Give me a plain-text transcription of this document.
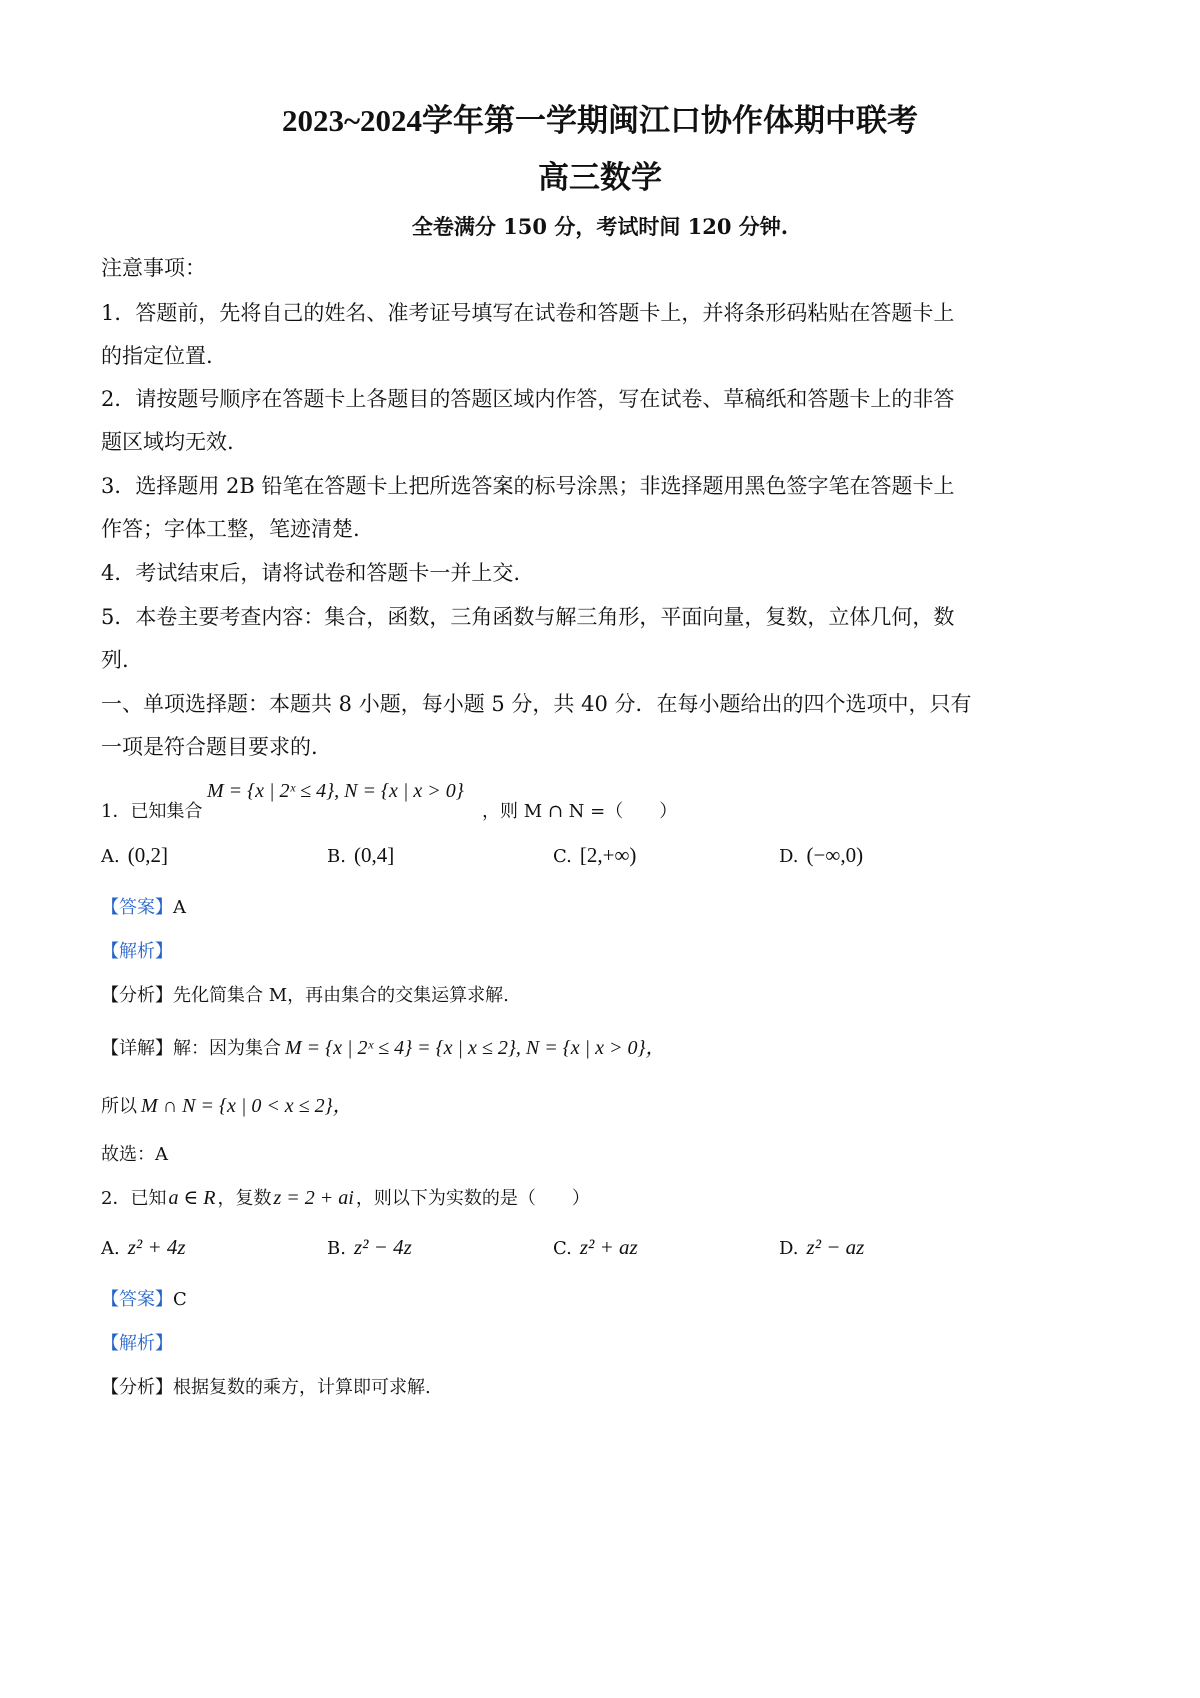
2023~2024学年第一学期闽江口协作体期中联考
高三数学
全卷满分 150 分，考试时间 120 分钟.
注意事项：
1．答题前，先将自己的姓名、准考证号填写在试卷和答题卡上，并将条形码粘贴在答题卡上
的指定位置.
2．请按题号顺序在答题卡上各题目的答题区域内作答，写在试卷、草稿纸和答题卡上的非答
题区域均无效.
3．选择题用 2B 铅笔在答题卡上把所选答案的标号涂黑；非选择题用黑色签字笔在答题卡上
作答；字体工整，笔迹清楚.
4．考试结束后，请将试卷和答题卡一并上交.
5．本卷主要考查内容：集合，函数，三角函数与解三角形，平面向量，复数，立体几何，数
列.
一、单项选择题：本题共 8 小题，每小题 5 分，共 40 分．在每小题给出的四个选项中，只有
一项是符合题目要求的.
1．已知集合
M = {x | 2ˣ ≤ 4}, N = {x | x > 0}
，则 M ∩ N =（　　）
A. (0,2]	B. (0,4]	C. [2,+∞)	D. (−∞,0)
【答案】A
【解析】
【分析】先化简集合 M，再由集合的交集运算求解.
【详解】解：因为集合 M = {x | 2ˣ ≤ 4} = {x | x ≤ 2}, N = {x | x > 0}，
所以 M ∩ N = {x | 0 < x ≤ 2}，
故选：A
2．已知 a ∈ R ，复数 z = 2 + ai ，则以下为实数的是（　　）
A. z² + 4z	B. z² − 4z	C. z² + az	D. z² − az
【答案】C
【解析】
【分析】根据复数的乘方，计算即可求解.
